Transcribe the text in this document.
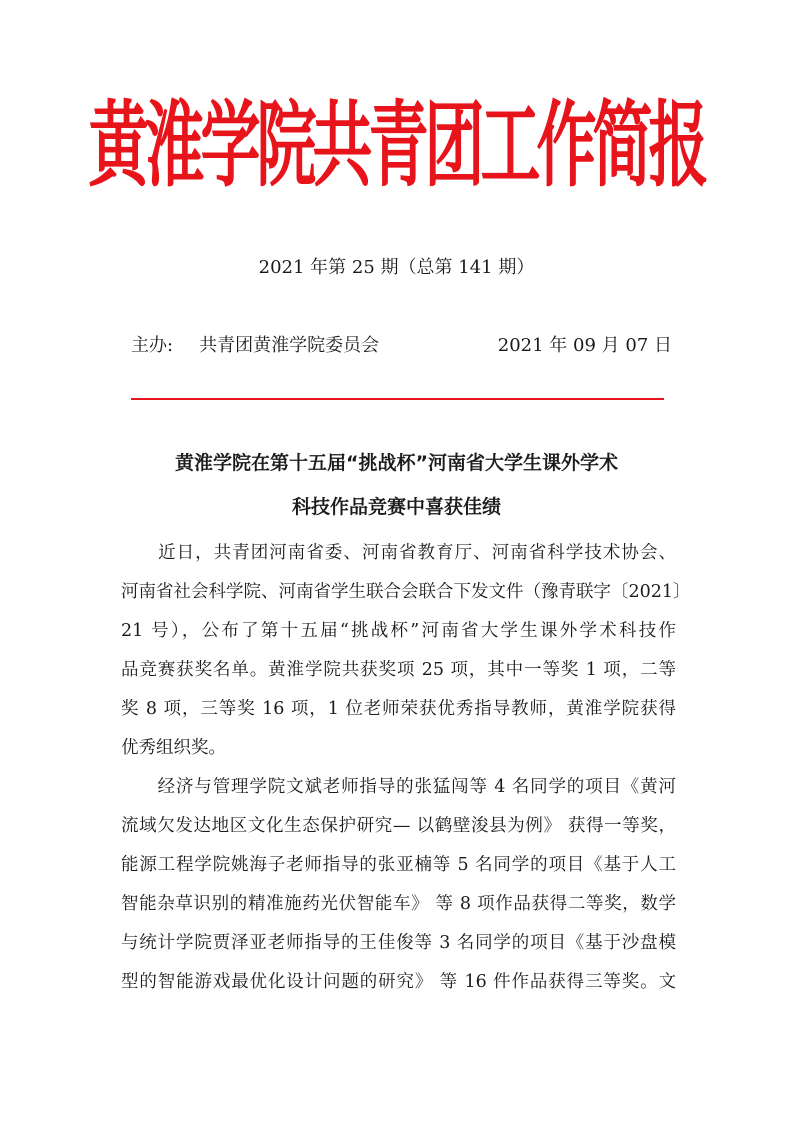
黄淮学院共青团工作简报
2021 年第 25 期（总第 141 期）
主办: 共青团黄淮学院委员会	2021 年 09 月 07 日
黄淮学院在第十五届“挑战杯”河南省大学生课外学术
科技作品竞赛中喜获佳绩
　　近日，共青团河南省委、河南省教育厅、河南省科学技术协会、
河南省社会科学院、河南省学生联合会联合下发文件（豫青联字〔2021〕
21 号），公布了第十五届“挑战杯”河南省大学生课外学术科技作
品竞赛获奖名单。黄淮学院共获奖项 25 项，其中一等奖 1 项，二等
奖 8 项，三等奖 16 项，1 位老师荣获优秀指导教师，黄淮学院获得
优秀组织奖。
　　经济与管理学院文斌老师指导的张猛闯等 4 名同学的项目《黄河
流域欠发达地区文化生态保护研究— 以鹤壁浚县为例》 获得一等奖，
能源工程学院姚海子老师指导的张亚楠等 5 名同学的项目《基于人工
智能杂草识别的精准施药光伏智能车》 等 8 项作品获得二等奖，数学
与统计学院贾泽亚老师指导的王佳俊等 3 名同学的项目《基于沙盘模
型的智能游戏最优化设计问题的研究》 等 16 件作品获得三等奖。文
